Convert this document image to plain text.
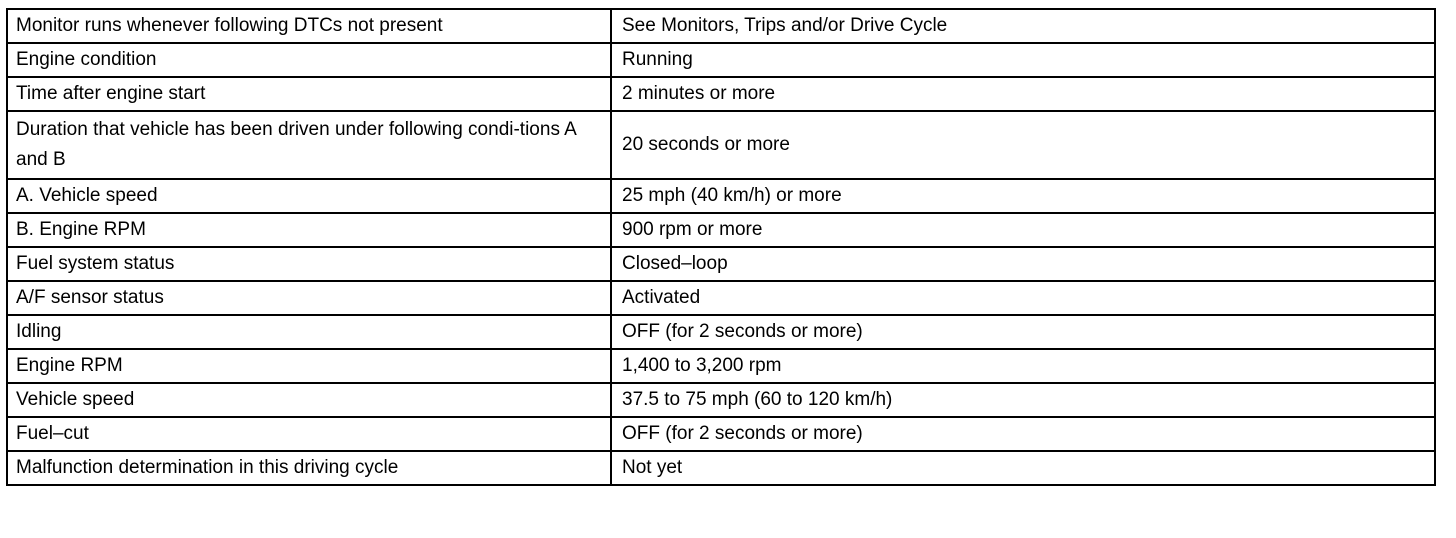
Monitor runs whenever following DTCs not present	See Monitors, Trips and/or Drive Cycle
Engine condition	Running
Time after engine start	2 minutes or more
Duration that vehicle has been driven under following condi-tions A and B	20 seconds or more
A. Vehicle speed	25 mph (40 km/h) or more
B. Engine RPM	900 rpm or more
Fuel system status	Closed–loop
A/F sensor status	Activated
Idling	OFF (for 2 seconds or more)
Engine RPM	1,400 to 3,200 rpm
Vehicle speed	37.5 to 75 mph (60 to 120 km/h)
Fuel–cut	OFF (for 2 seconds or more)
Malfunction determination in this driving cycle	Not yet
